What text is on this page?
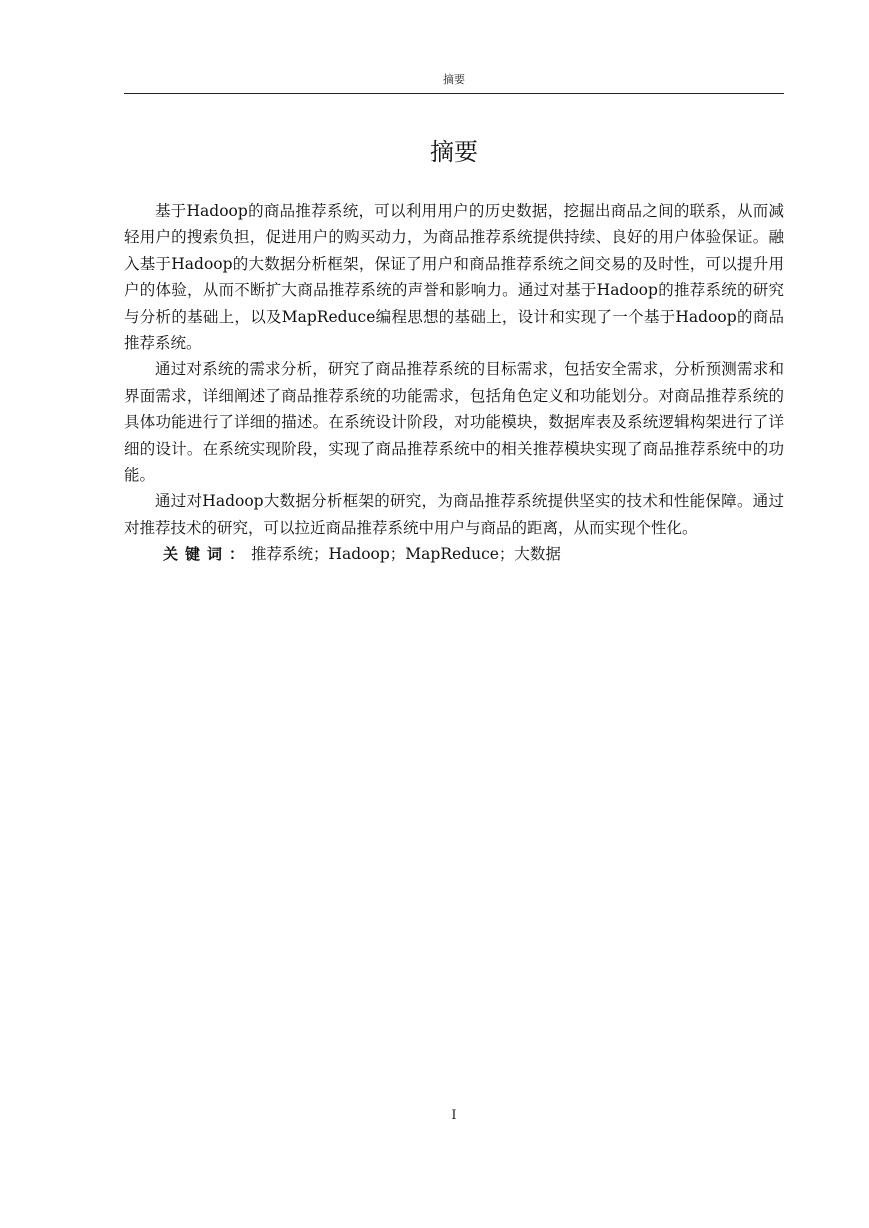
摘要
摘要

基于Hadoop的商品推荐系统，可以利用用户的历史数据，挖掘出商品之间的联系，从而减轻用户的搜索负担，促进用户的购买动力，为商品推荐系统提供持续、良好的用户体验保证。融入基于Hadoop的大数据分析框架，保证了用户和商品推荐系统之间交易的及时性，可以提升用户的体验，从而不断扩大商品推荐系统的声誉和影响力。通过对基于Hadoop的推荐系统的研究与分析的基础上，以及MapReduce编程思想的基础上，设计和实现了一个基于Hadoop的商品推荐系统。

通过对系统的需求分析，研究了商品推荐系统的目标需求，包括安全需求，分析预测需求和界面需求，详细阐述了商品推荐系统的功能需求，包括角色定义和功能划分。对商品推荐系统的具体功能进行了详细的描述。在系统设计阶段，对功能模块，数据库表及系统逻辑构架进行了详细的设计。在系统实现阶段，实现了商品推荐系统中的相关推荐模块实现了商品推荐系统中的功能。

通过对Hadoop大数据分析框架的研究，为商品推荐系统提供坚实的技术和性能保障。通过对推荐技术的研究，可以拉近商品推荐系统中用户与商品的距离，从而实现个性化。

关键词：推荐系统；Hadoop；MapReduce；大数据
I
